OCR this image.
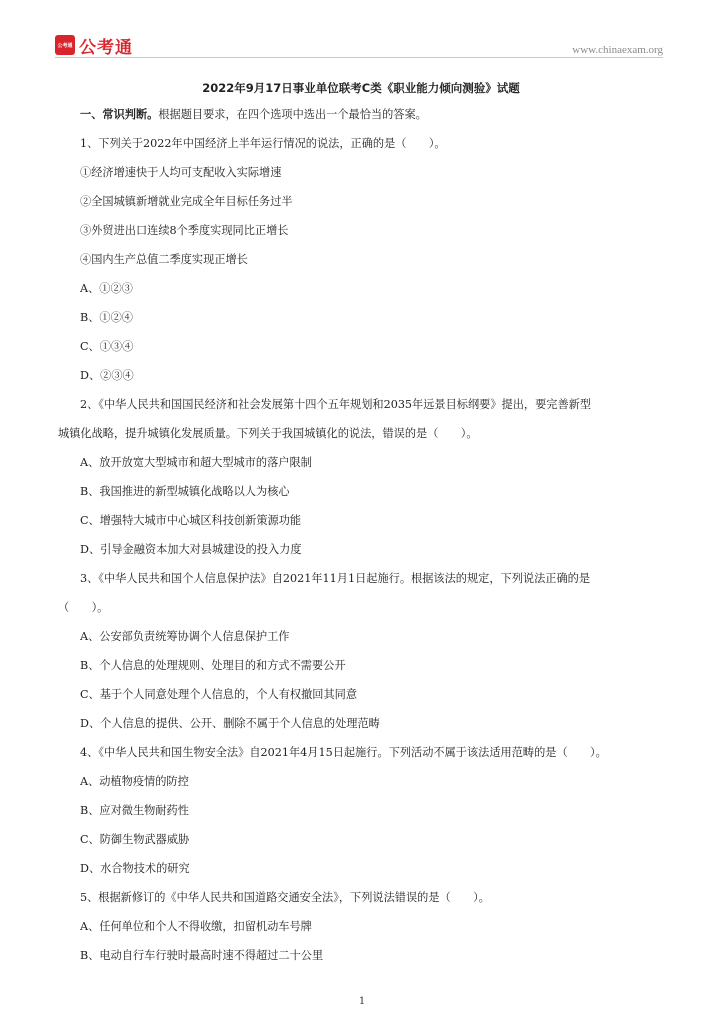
公考通 公考通	www.chinaexam.org
2022年9月17日事业单位联考C类《职业能力倾向测验》试题
一、常识判断。根据题目要求，在四个选项中选出一个最恰当的答案。
1、下列关于2022年中国经济上半年运行情况的说法，正确的是（　　）。
①经济增速快于人均可支配收入实际增速
②全国城镇新增就业完成全年目标任务过半
③外贸进出口连续8个季度实现同比正增长
④国内生产总值二季度实现正增长
A、①②③
B、①②④
C、①③④
D、②③④
2、《中华人民共和国国民经济和社会发展第十四个五年规划和2035年远景目标纲要》提出，要完善新型
城镇化战略，提升城镇化发展质量。下列关于我国城镇化的说法，错误的是（　　）。
A、放开放宽大型城市和超大型城市的落户限制
B、我国推进的新型城镇化战略以人为核心
C、增强特大城市中心城区科技创新策源功能
D、引导金融资本加大对县城建设的投入力度
3、《中华人民共和国个人信息保护法》自2021年11月1日起施行。根据该法的规定，下列说法正确的是
（　　）。
A、公安部负责统筹协调个人信息保护工作
B、个人信息的处理规则、处理目的和方式不需要公开
C、基于个人同意处理个人信息的，个人有权撤回其同意
D、个人信息的提供、公开、删除不属于个人信息的处理范畴
4、《中华人民共和国生物安全法》自2021年4月15日起施行。下列活动不属于该法适用范畴的是（　　）。
A、动植物疫情的防控
B、应对微生物耐药性
C、防御生物武器威胁
D、水合物技术的研究
5、根据新修订的《中华人民共和国道路交通安全法》，下列说法错误的是（　　）。
A、任何单位和个人不得收缴，扣留机动车号牌
B、电动自行车行驶时最高时速不得超过二十公里
1
